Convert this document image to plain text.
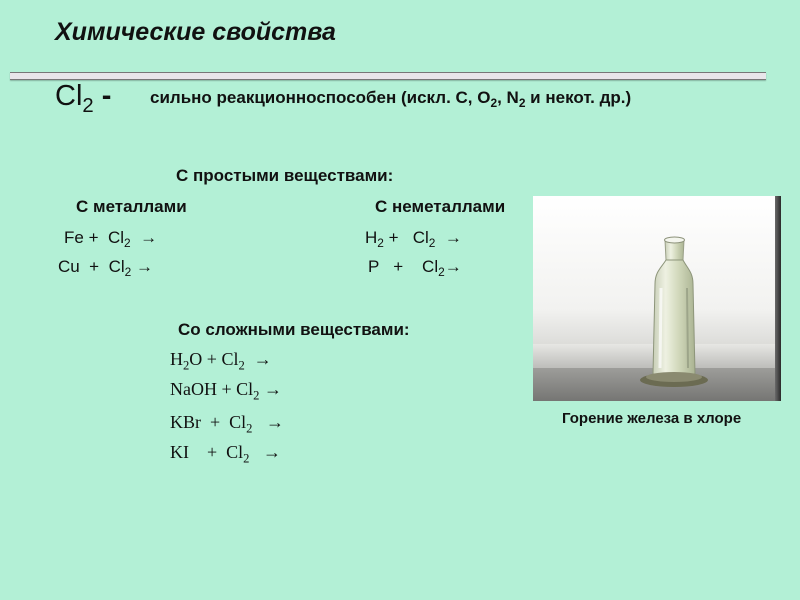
Химические свойства
$Cl_2$ - сильно реакционноспособен (искл. С, $О_2$, $N_2$ и некот. др.)
С простыми веществами:
С металлами	С неметаллами
$Fe + Cl_2$  →
$Cu + Cl_2$ →
$H_2 + Cl_2$  →
P   +    $Cl_2\to$
Со сложными веществами:
$H_2O + Cl_2$  →
NaOH + $Cl_2$ →
KBr  +  $Cl_2$   →
KI    +  $Cl_2$   →
Горение железа в хлоре
